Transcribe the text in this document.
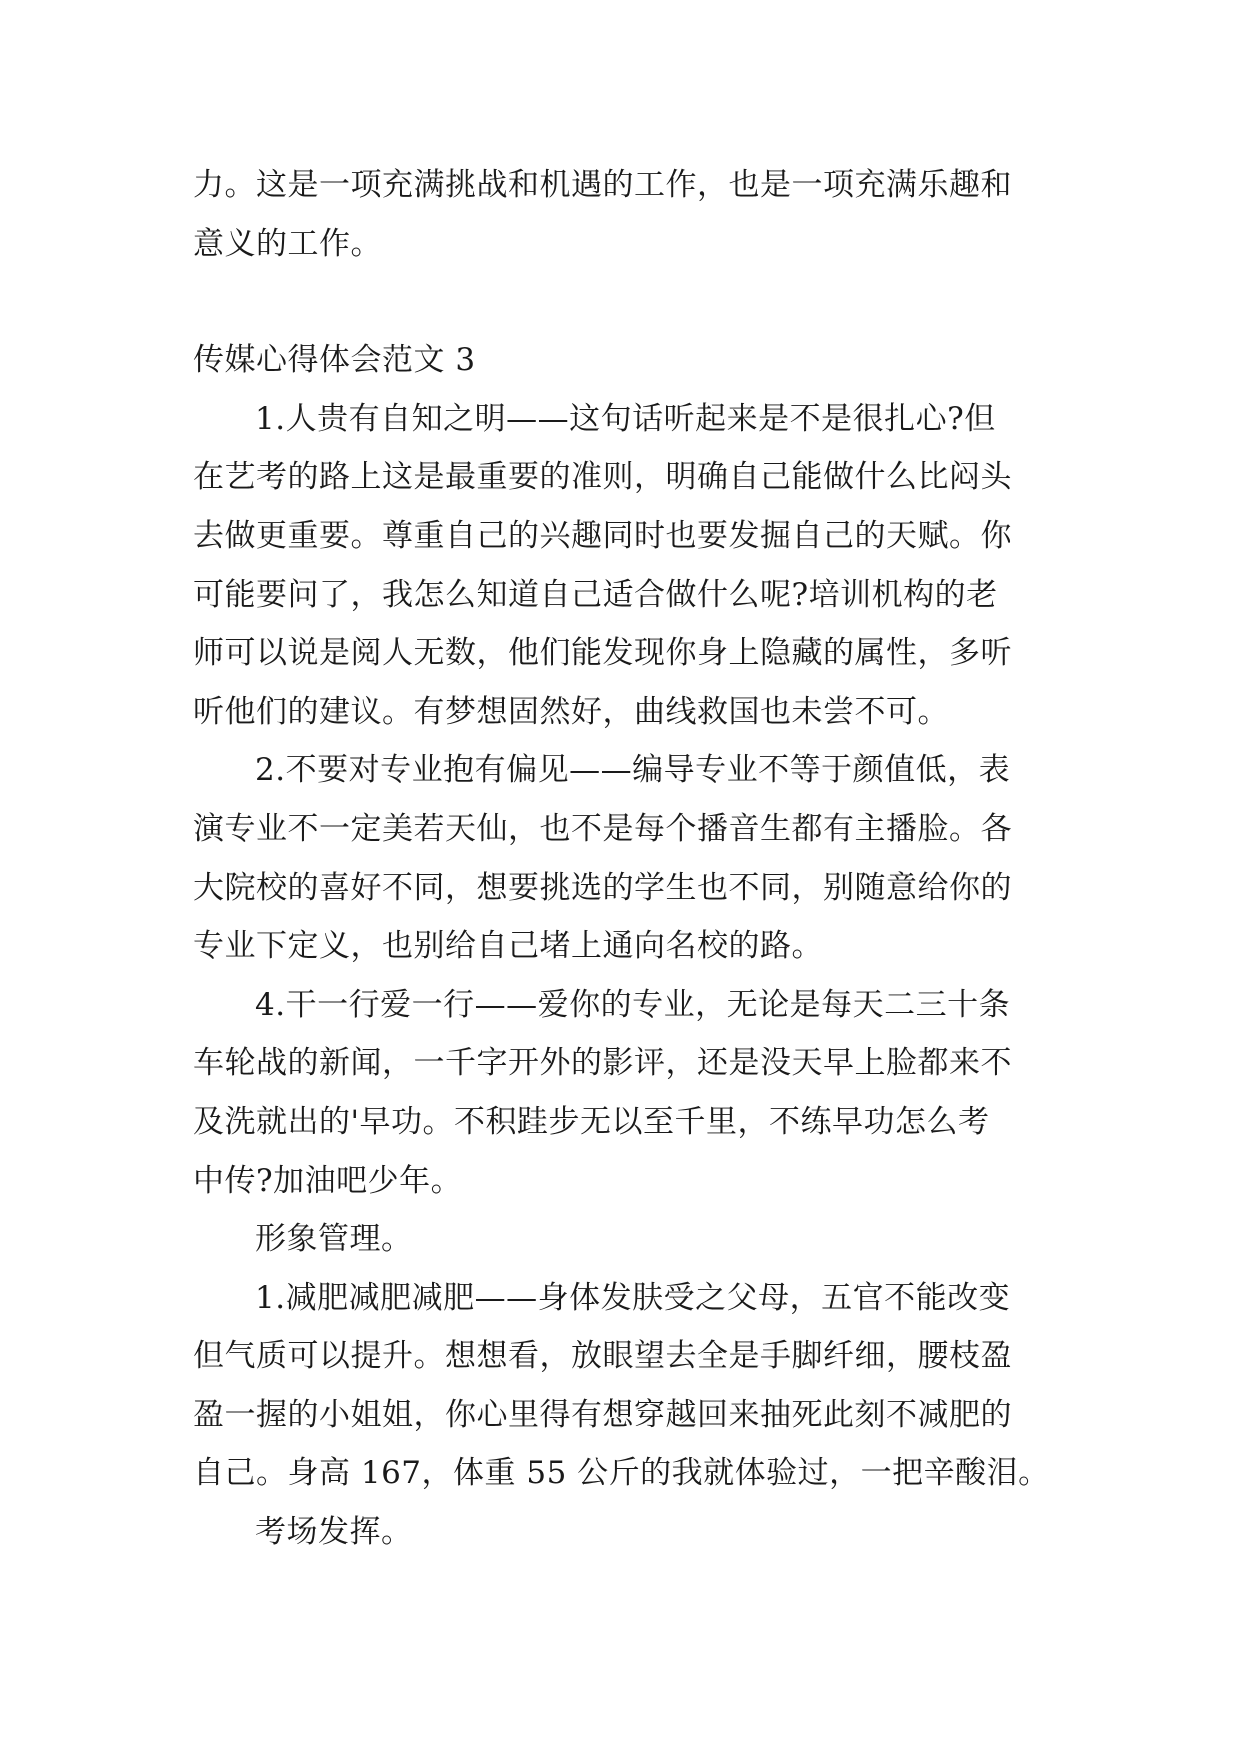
力。这是一项充满挑战和机遇的工作，也是一项充满乐趣和

意义的工作。

传媒心得体会范文 3

1.人贵有自知之明——这句话听起来是不是很扎心?但

在艺考的路上这是最重要的准则，明确自己能做什么比闷头

去做更重要。尊重自己的兴趣同时也要发掘自己的天赋。你

可能要问了，我怎么知道自己适合做什么呢?培训机构的老

师可以说是阅人无数，他们能发现你身上隐藏的属性，多听

听他们的建议。有梦想固然好，曲线救国也未尝不可。

2.不要对专业抱有偏见——编导专业不等于颜值低，表

演专业不一定美若天仙，也不是每个播音生都有主播脸。各

大院校的喜好不同，想要挑选的学生也不同，别随意给你的

专业下定义，也别给自己堵上通向名校的路。

4.干一行爱一行——爱你的专业，无论是每天二三十条

车轮战的新闻，一千字开外的影评，还是没天早上脸都来不

及洗就出的'早功。不积跬步无以至千里，不练早功怎么考

中传?加油吧少年。

形象管理。

1.减肥减肥减肥——身体发肤受之父母，五官不能改变

但气质可以提升。想想看，放眼望去全是手脚纤细，腰枝盈

盈一握的小姐姐，你心里得有想穿越回来抽死此刻不减肥的

自己。身高 167，体重 55 公斤的我就体验过，一把辛酸泪。

考场发挥。
